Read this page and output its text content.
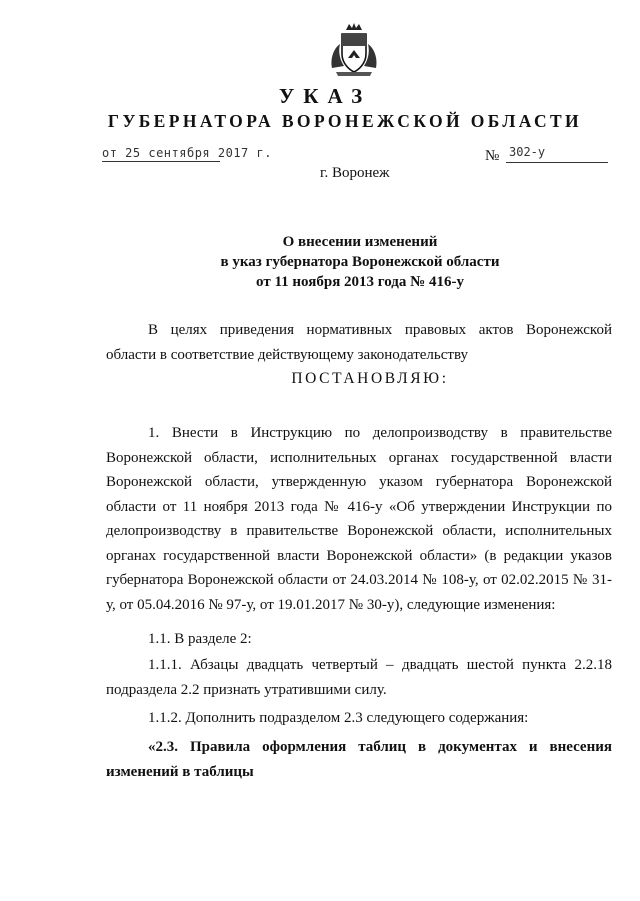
УКАЗ
ГУБЕРНАТОРА ВОРОНЕЖСКОЙ ОБЛАСТИ
от 25 сентября 2017 г.	№ 302-у
г. Воронеж
О внесении изменений
в указ губернатора Воронежской области
от 11 ноября 2013 года № 416-у

В целях приведения нормативных правовых актов Воронежской области в соответствие действующему законодательству

ПОСТАНОВЛЯЮ:

1. Внести в Инструкцию по делопроизводству в правительстве Воронежской области, исполнительных органах государственной власти Воронежской области, утвержденную указом губернатора Воронежской области от 11 ноября 2013 года № 416-у «Об утверждении Инструкции по делопроизводству в правительстве Воронежской области, исполнительных органах государственной власти Воронежской области» (в редакции указов губернатора Воронежской области от 24.03.2014 № 108-у, от 02.02.2015 № 31-у, от 05.04.2016 № 97-у, от 19.01.2017 № 30-у), следующие изменения:

1.1. В разделе 2:

1.1.1. Абзацы двадцать четвертый – двадцать шестой пункта 2.2.18 подраздела 2.2 признать утратившими силу.

1.1.2. Дополнить подразделом 2.3 следующего содержания:

«2.3. Правила оформления таблиц в документах и внесения изменений в таблицы
